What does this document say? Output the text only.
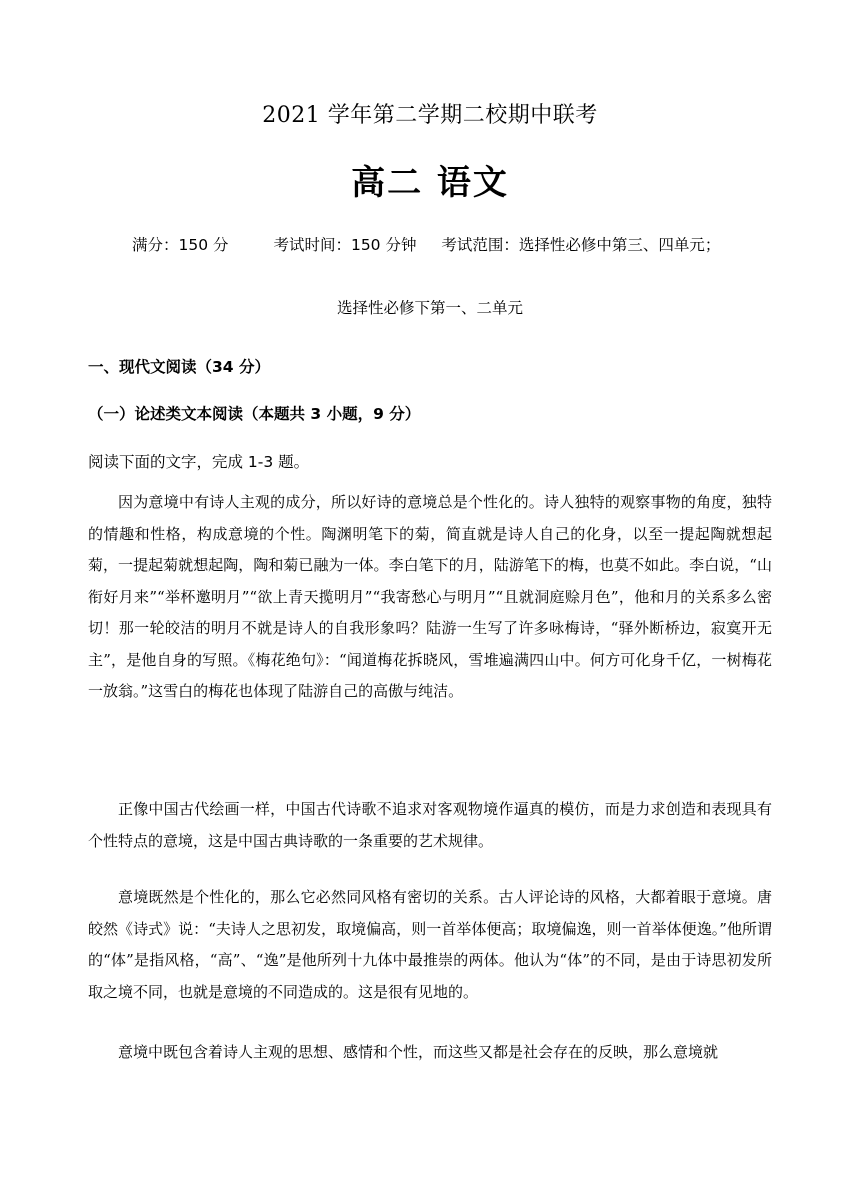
2021 学年第二学期二校期中联考
高二 语文
满分：150 分	考试时间：150 分钟 考试范围：选择性必修中第三、四单元；
选择性必修下第一、二单元
一、现代文阅读（34 分）
（一）论述类文本阅读（本题共 3 小题，9 分）
阅读下面的文字，完成 1-3 题。

因为意境中有诗人主观的成分，所以好诗的意境总是个性化的。诗人独特的观察事物的角度，独特的情趣和性格，构成意境的个性。陶渊明笔下的菊，简直就是诗人自己的化身，以至一提起陶就想起菊，一提起菊就想起陶，陶和菊已融为一体。李白笔下的月，陆游笔下的梅，也莫不如此。李白说，“山衔好月来”“举杯邀明月”“欲上青天揽明月”“我寄愁心与明月”“且就洞庭赊月色”，他和月的关系多么密切！那一轮皎洁的明月不就是诗人的自我形象吗？陆游一生写了许多咏梅诗，“驿外断桥边，寂寞开无主”，是他自身的写照。《梅花绝句》：“闻道梅花拆晓风，雪堆遍满四山中。何方可化身千亿，一树梅花一放翁。”这雪白的梅花也体现了陆游自己的高傲与纯洁。

正像中国古代绘画一样，中国古代诗歌不追求对客观物境作逼真的模仿，而是力求创造和表现具有个性特点的意境，这是中国古典诗歌的一条重要的艺术规律。

意境既然是个性化的，那么它必然同风格有密切的关系。古人评论诗的风格，大都着眼于意境。唐皎然《诗式》说：“夫诗人之思初发，取境偏高，则一首举体便高；取境偏逸，则一首举体便逸。”他所谓的“体”是指风格，“高”、“逸”是他所列十九体中最推崇的两体。他认为“体”的不同，是由于诗思初发所取之境不同，也就是意境的不同造成的。这是很有见地的。

意境中既包含着诗人主观的思想、感情和个性，而这些又都是社会存在的反映，那么意境就
